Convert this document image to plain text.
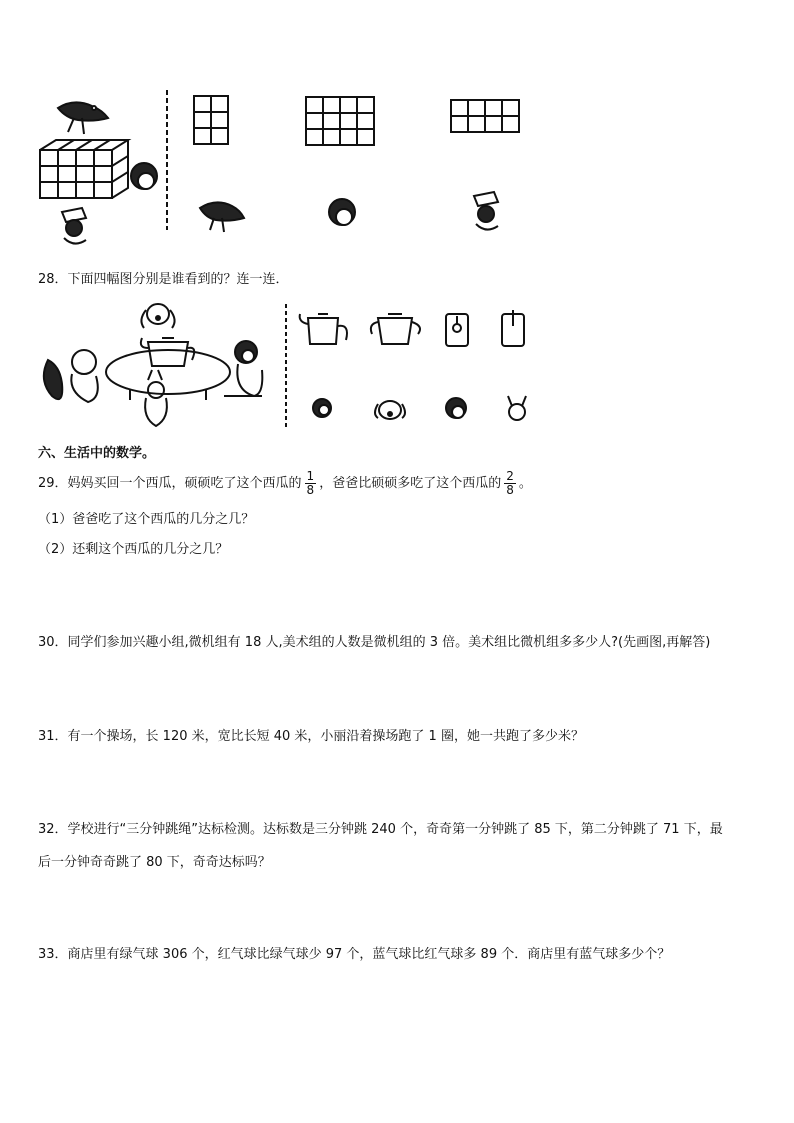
28．下面四幅图分别是谁看到的？连一连．
六、生活中的数学。
29．妈妈买回一个西瓜，硕硕吃了这个西瓜的 $\frac{1}{8}$ ，爸爸比硕硕多吃了这个西瓜的 $\frac{2}{8}$ 。
（1）爸爸吃了这个西瓜的几分之几？
（2）还剩这个西瓜的几分之几？
30．同学们参加兴趣小组,微机组有 18 人,美术组的人数是微机组的 3 倍。美术组比微机组多多少人?(先画图,再解答)
31．有一个操场，长 120 米，宽比长短 40 米，小丽沿着操场跑了 1 圈，她一共跑了多少米？
32．学校进行“三分钟跳绳”达标检测。达标数是三分钟跳 240 个，奇奇第一分钟跳了 85 下，第二分钟跳了 71 下，最
后一分钟奇奇跳了 80 下，奇奇达标吗？
33．商店里有绿气球 306 个，红气球比绿气球少 97 个，蓝气球比红气球多 89 个．商店里有蓝气球多少个？
